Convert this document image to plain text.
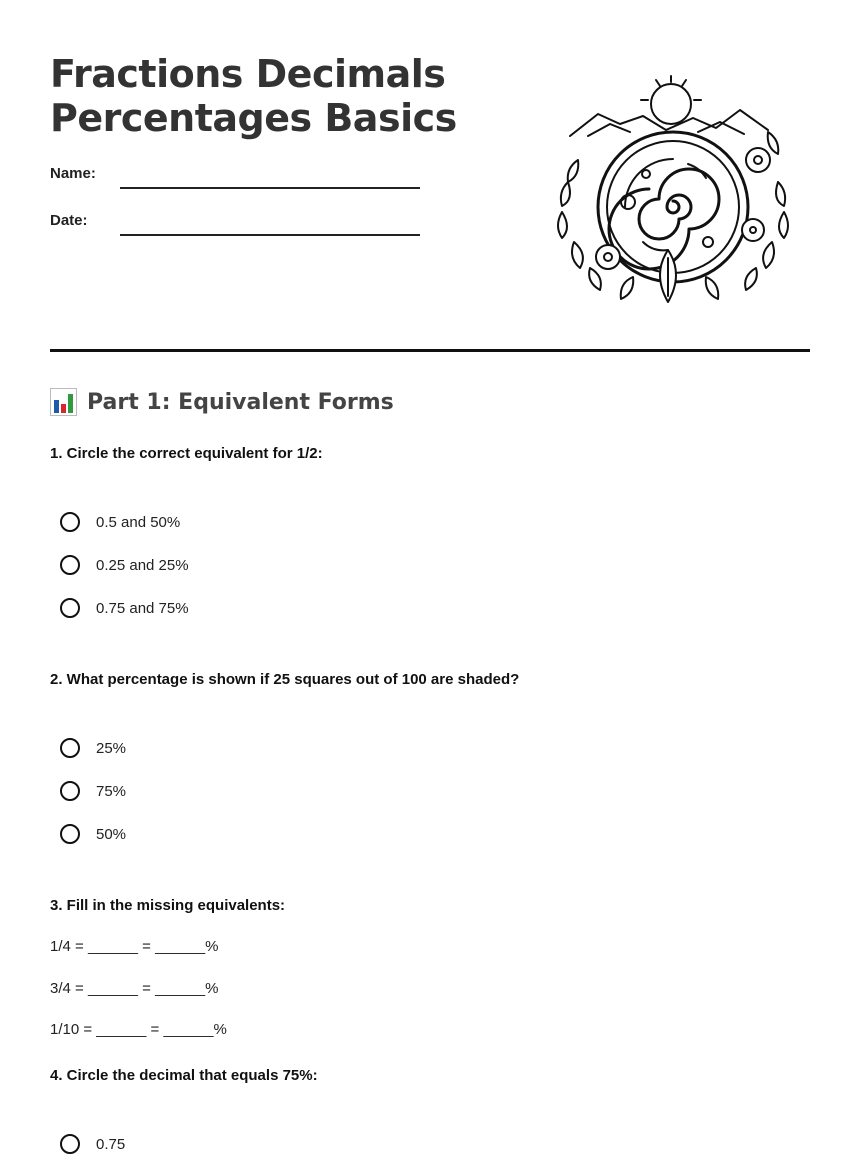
Fractions Decimals
Percentages Basics
Name:
Date:
Part 1: Equivalent Forms
1. Circle the correct equivalent for 1/2:
0.5 and 50%
0.25 and 25%
0.75 and 75%
2. What percentage is shown if 25 squares out of 100 are shaded?
25%
75%
50%
3. Fill in the missing equivalents:
1/4 = ______ = ______%
3/4 = ______ = ______%
1/10 = ______ = ______%
4. Circle the decimal that equals 75%:
0.75
